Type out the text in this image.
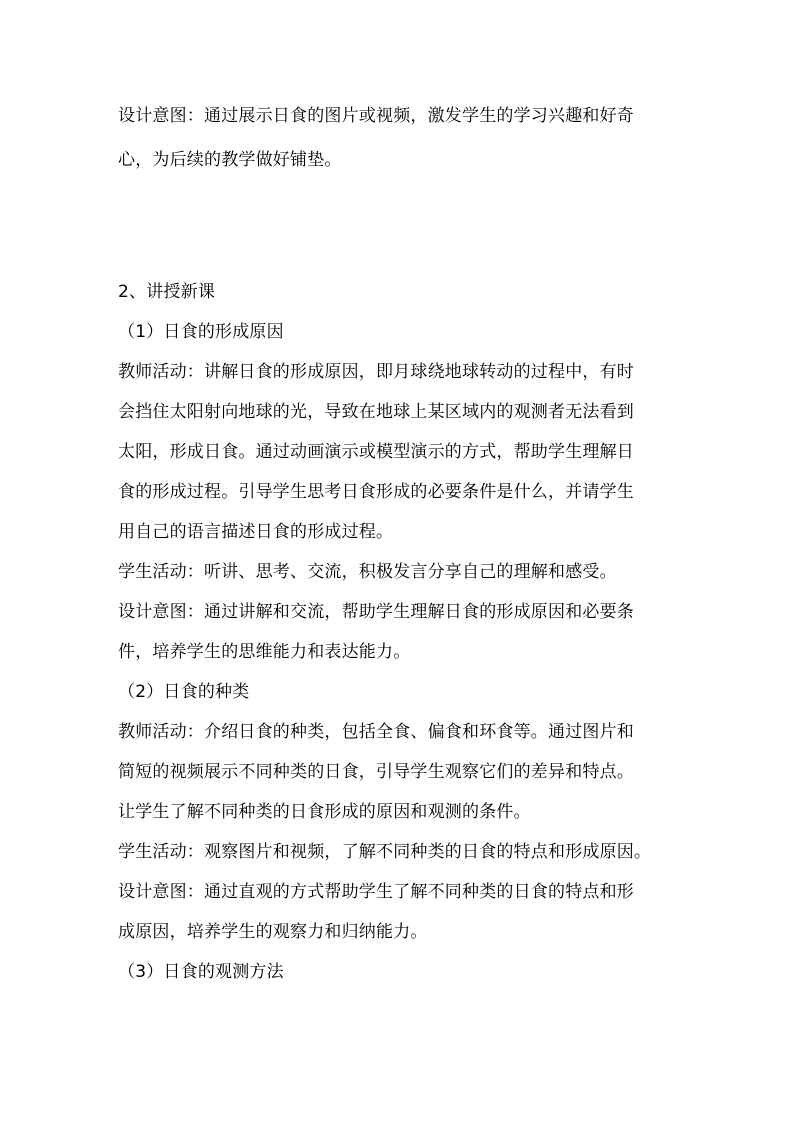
设计意图：通过展示日食的图片或视频，激发学生的学习兴趣和好奇
心，为后续的教学做好铺垫。
2、讲授新课
（1）日食的形成原因
教师活动：讲解日食的形成原因，即月球绕地球转动的过程中，有时
会挡住太阳射向地球的光，导致在地球上某区域内的观测者无法看到
太阳，形成日食。通过动画演示或模型演示的方式，帮助学生理解日
食的形成过程。引导学生思考日食形成的必要条件是什么，并请学生
用自己的语言描述日食的形成过程。
学生活动：听讲、思考、交流，积极发言分享自己的理解和感受。
设计意图：通过讲解和交流，帮助学生理解日食的形成原因和必要条
件，培养学生的思维能力和表达能力。
（2）日食的种类
教师活动：介绍日食的种类，包括全食、偏食和环食等。通过图片和
简短的视频展示不同种类的日食，引导学生观察它们的差异和特点。
让学生了解不同种类的日食形成的原因和观测的条件。
学生活动：观察图片和视频，了解不同种类的日食的特点和形成原因。
设计意图：通过直观的方式帮助学生了解不同种类的日食的特点和形
成原因，培养学生的观察力和归纳能力。
（3）日食的观测方法
